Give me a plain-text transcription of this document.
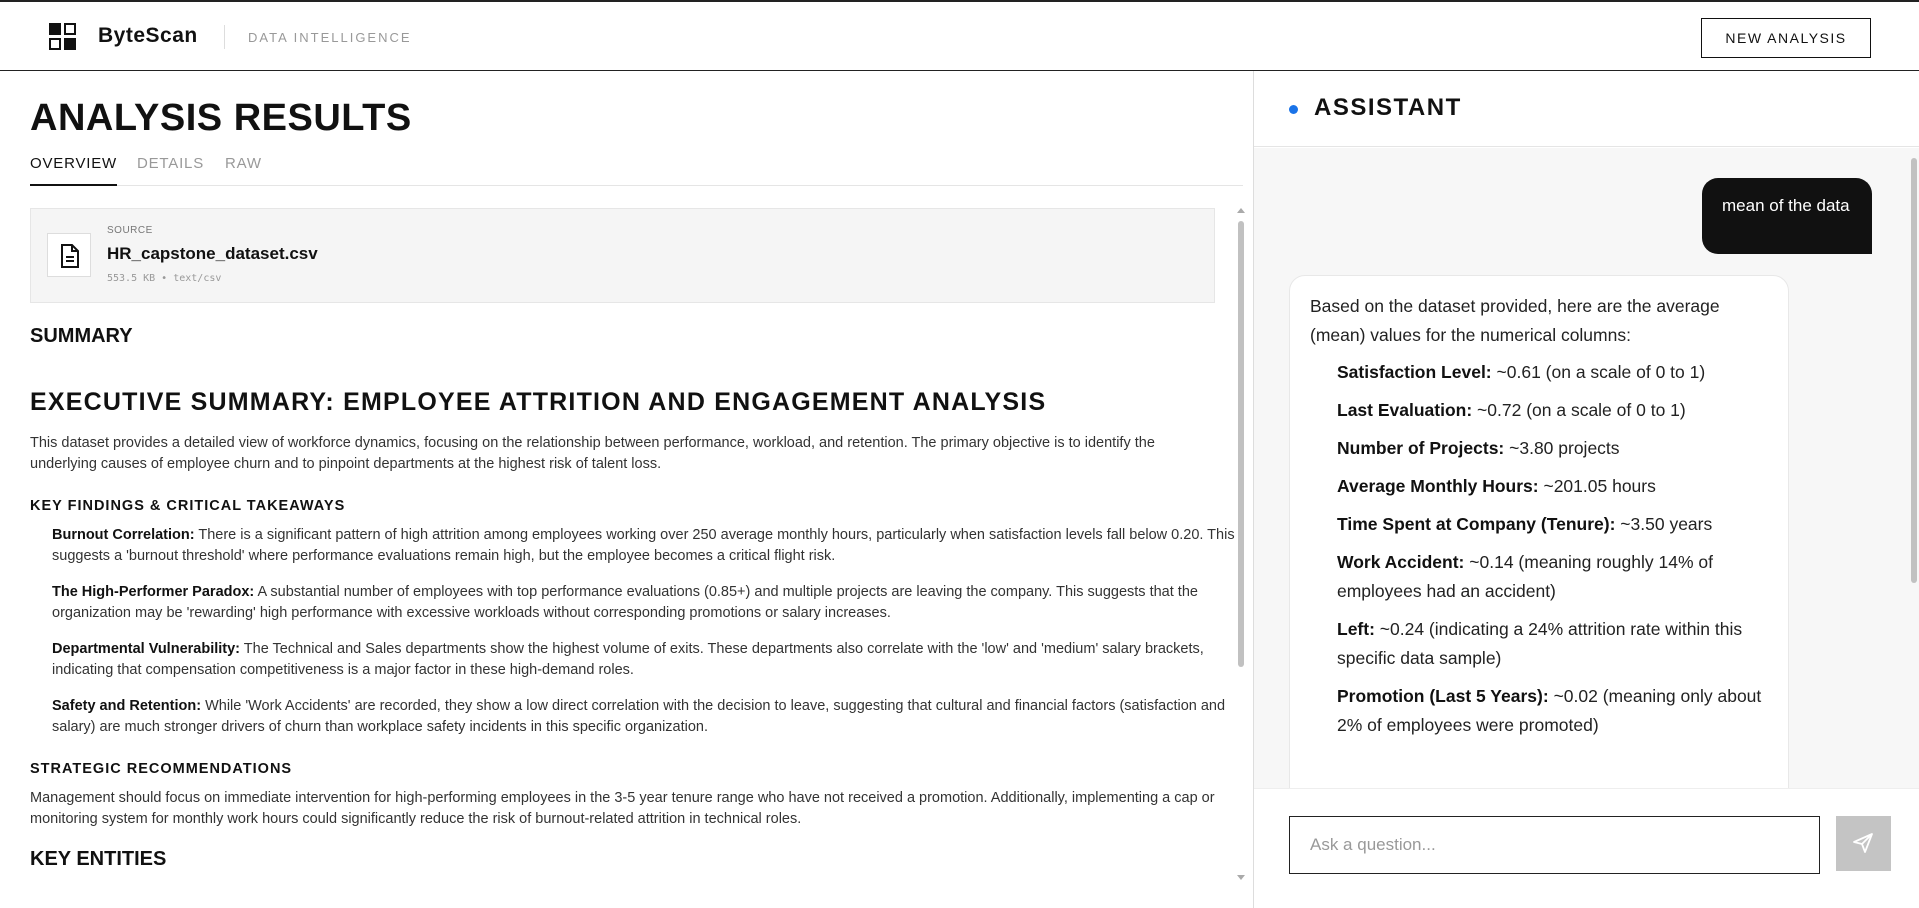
ByteScan	DATA INTELLIGENCE	NEW ANALYSIS
ANALYSIS RESULTS
OVERVIEW DETAILS RAW
SOURCE
HR_capstone_dataset.csv
553.5 KB • text/csv
SUMMARY
EXECUTIVE SUMMARY: EMPLOYEE ATTRITION AND ENGAGEMENT ANALYSIS

This dataset provides a detailed view of workforce dynamics, focusing on the relationship between performance, workload, and retention. The primary objective is to identify the underlying causes of employee churn and to pinpoint departments at the highest risk of talent loss.

KEY FINDINGS & CRITICAL TAKEAWAYS

Burnout Correlation: There is a significant pattern of high attrition among employees working over 250 average monthly hours, particularly when satisfaction levels fall below 0.20. This suggests a 'burnout threshold' where performance evaluations remain high, but the employee becomes a critical flight risk.

The High-Performer Paradox: A substantial number of employees with top performance evaluations (0.85+) and multiple projects are leaving the company. This suggests that the organization may be 'rewarding' high performance with excessive workloads without corresponding promotions or salary increases.

Departmental Vulnerability: The Technical and Sales departments show the highest volume of exits. These departments also correlate with the 'low' and 'medium' salary brackets, indicating that compensation competitiveness is a major factor in these high-demand roles.

Safety and Retention: While 'Work Accidents' are recorded, they show a low direct correlation with the decision to leave, suggesting that cultural and financial factors (satisfaction and salary) are much stronger drivers of churn than workplace safety incidents in this specific organization.

STRATEGIC RECOMMENDATIONS

Management should focus on immediate intervention for high-performing employees in the 3-5 year tenure range who have not received a promotion. Additionally, implementing a cap or monitoring system for monthly work hours could significantly reduce the risk of burnout-related attrition in technical roles.

KEY ENTITIES
ASSISTANT
mean of the data

Based on the dataset provided, here are the average (mean) values for the numerical columns:

Satisfaction Level: ~0.61 (on a scale of 0 to 1)
Last Evaluation: ~0.72 (on a scale of 0 to 1)
Number of Projects: ~3.80 projects
Average Monthly Hours: ~201.05 hours
Time Spent at Company (Tenure): ~3.50 years
Work Accident: ~0.14 (meaning roughly 14% of employees had an accident)
Left: ~0.24 (indicating a 24% attrition rate within this specific data sample)
Promotion (Last 5 Years): ~0.02 (meaning only about 2% of employees were promoted)
Ask a question...
